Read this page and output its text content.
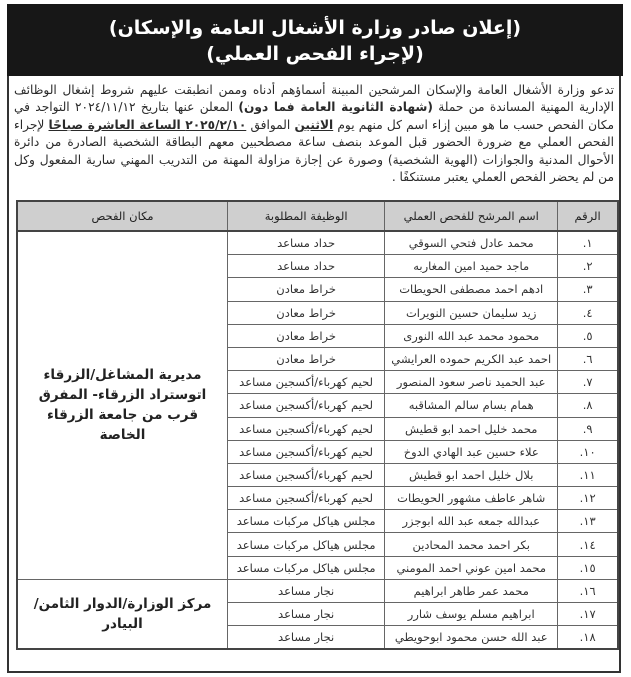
(إعلان صادر وزارة الأشغال العامة والإسكان)
(لإجراء الفحص العملي)
تدعو وزارة الأشغال العامة والإسكان المرشحين المبينة أسماؤهم أدناه وممن انطبقت عليهم شروط إشغال الوظائف الإدارية المهنية المساندة من حملة (شهادة الثانوية العامة فما دون) المعلن عنها بتاريخ ٢٠٢٤/١١/١٢ التواجد في مكان الفحص حسب ما هو مبين إزاء اسم كل منهم يوم الاثنين الموافق ٢٠٢٥/٢/١٠ الساعة العاشرة صباحًا لإجراء الفحص العملي مع ضرورة الحضور قبل الموعد بنصف ساعة مصطحبين معهم البطاقة الشخصية الصادرة من دائرة الأحوال المدنية والجوازات (الهوية الشخصية) وصورة عن إجازة مزاولة المهنة من التدريب المهني سارية المفعول وكل من لم يحضر الفحص العملي يعتبر مستنكفًا .
الرقم	اسم المرشح للفحص العملي	الوظيفة المطلوبة	مكان الفحص
١.	محمد عادل فتحي السوقي	حداد مساعد	مديرية المشاغل/الزرقاء اتوستراد الزرقاء- المفرق قرب من جامعة الزرقاء الخاصة
٢.	ماجد حميد امين المغاربه	حداد مساعد	
٣.	ادهم احمد مصطفى الحويطات	خراط معادن	
٤.	زيد سليمان حسين النويرات	خراط معادن	
٥.	محمود محمد عبد الله النورى	خراط معادن	
٦.	احمد عبد الكريم حموده العرايشي	خراط معادن	
٧.	عبد الحميد ناصر سعود المنصور	لحيم كهرباء/أكسجين مساعد	
٨.	همام بسام سالم المشاقبه	لحيم كهرباء/أكسجين مساعد	
٩.	محمد خليل احمد ابو قطيش	لحيم كهرباء/أكسجين مساعد	
١٠.	علاء حسين عبد الهادي الدوخ	لحيم كهرباء/أكسجين مساعد	
١١.	بلال خليل احمد ابو قطيش	لحيم كهرباء/أكسجين مساعد	
١٢.	شاهر عاطف مشهور الحويطات	لحيم كهرباء/أكسجين مساعد	
١٣.	عبدالله جمعه عبد الله ابوجزر	مجلس هياكل مركبات مساعد	
١٤.	بكر احمد محمد المحادين	مجلس هياكل مركبات مساعد	
١٥.	محمد امين عوني احمد المومني	مجلس هياكل مركبات مساعد	
١٦.	محمد عمر طاهر ابراهيم	نجار مساعد	مركز الوزارة/الدوار الثامن/البيادر
١٧.	ابراهيم مسلم يوسف شارر	نجار مساعد	
١٨.	عبد الله حسن محمود ابوحويطي	نجار مساعد	
